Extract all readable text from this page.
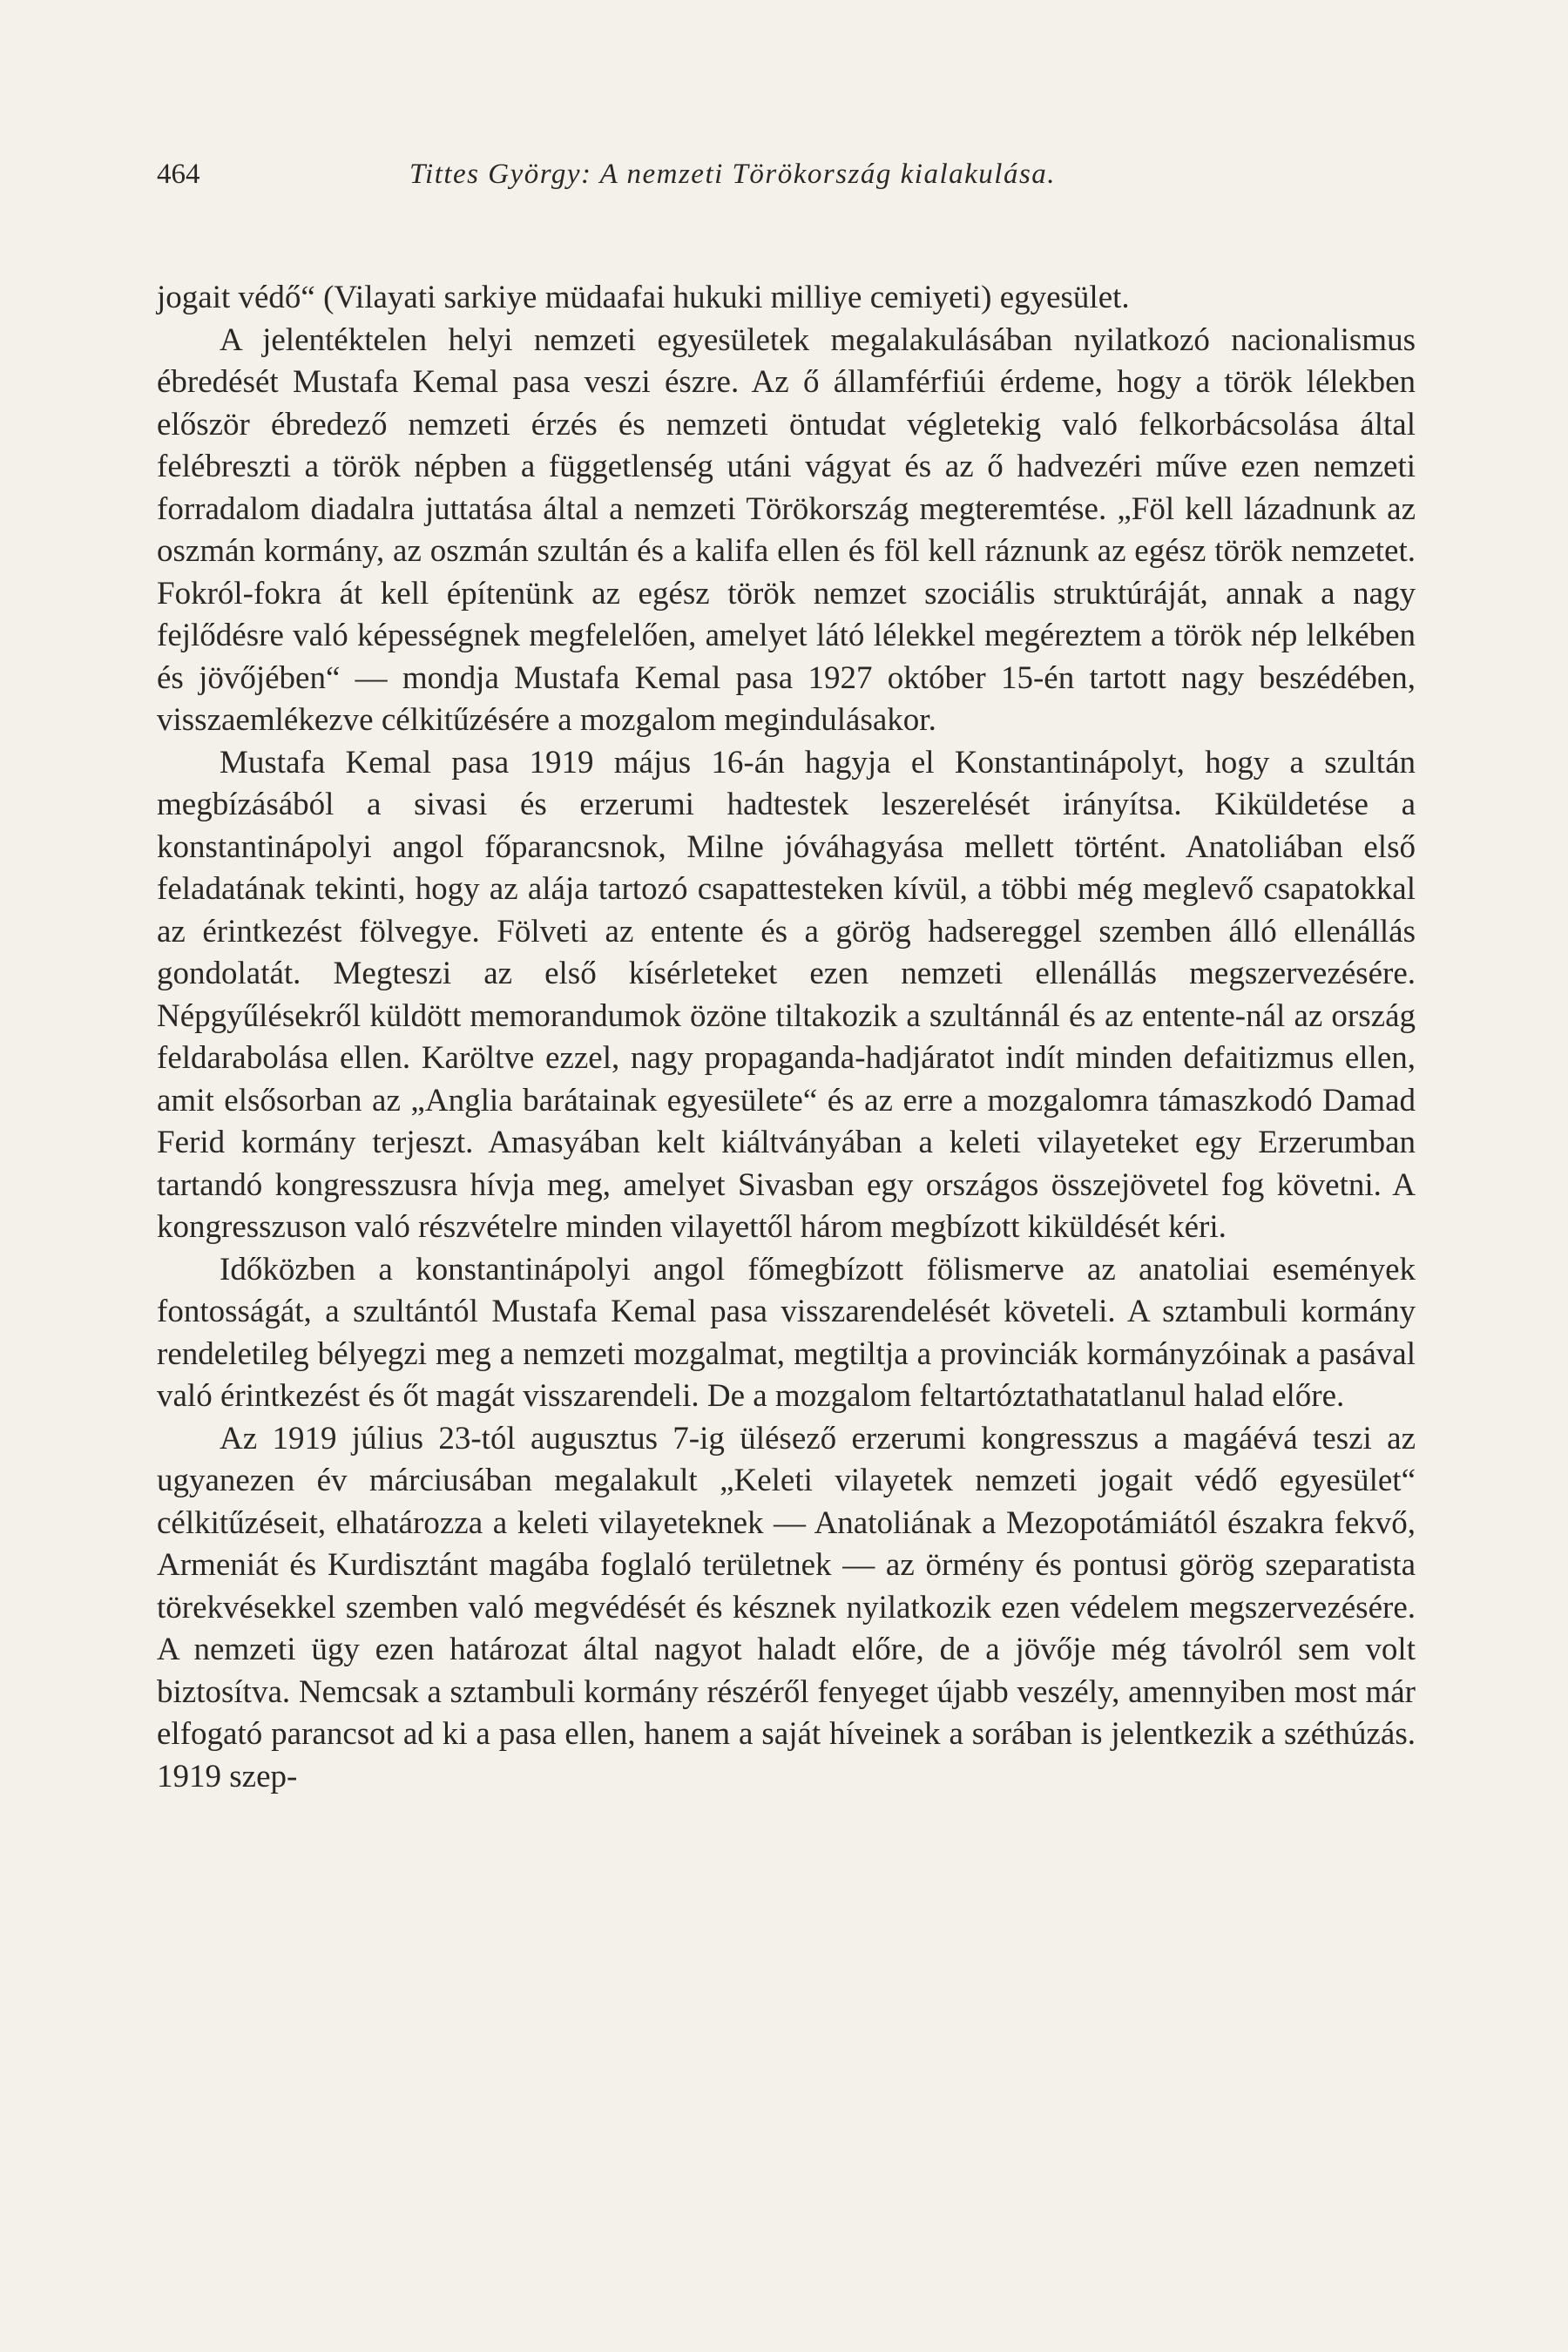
464	Tittes György: A nemzeti Törökország kialakulása.

jogait védő“ (Vilayati sarkiye müdaafai hukuki milliye cemiyeti) egyesület.

A jelentéktelen helyi nemzeti egyesületek megalakulásában nyilatkozó nacionalismus ébredését Mustafa Kemal pasa veszi észre. Az ő államférfiúi érdeme, hogy a török lélekben először ébredező nemzeti érzés és nemzeti öntudat végletekig való felkorbácsolása által felébreszti a török népben a függetlenség utáni vágyat és az ő hadvezéri műve ezen nemzeti forradalom diadalra juttatása által a nemzeti Törökország megteremtése. „Föl kell lázadnunk az oszmán kormány, az oszmán szultán és a kalifa ellen és föl kell ráznunk az egész török nemzetet. Fokról-fokra át kell építenünk az egész török nemzet szociális struktúráját, annak a nagy fejlődésre való képességnek megfelelően, amelyet látó lélekkel megéreztem a török nép lelkében és jövőjében“ — mondja Mustafa Kemal pasa 1927 október 15-én tartott nagy beszédében, visszaemlékezve célkitűzésére a mozgalom megindulásakor.

Mustafa Kemal pasa 1919 május 16-án hagyja el Konstantinápolyt, hogy a szultán megbízásából a sivasi és erzerumi hadtestek leszerelését irányítsa. Kiküldetése a konstantinápolyi angol főparancsnok, Milne jóváhagyása mellett történt. Anatoliában első feladatának tekinti, hogy az alája tartozó csapattesteken kívül, a többi még meglevő csapatokkal az érintkezést fölvegye. Fölveti az entente és a görög hadsereggel szemben álló ellenállás gondolatát. Megteszi az első kísérleteket ezen nemzeti ellenállás megszervezésére. Népgyűlésekről küldött memorandumok özöne tiltakozik a szultánnál és az entente-nál az ország feldarabolása ellen. Karöltve ezzel, nagy propaganda-hadjáratot indít minden defaitizmus ellen, amit elsősorban az „Anglia barátainak egyesülete“ és az erre a mozgalomra támaszkodó Damad Ferid kormány terjeszt. Amasyában kelt kiáltványában a keleti vilayeteket egy Erzerumban tartandó kongresszusra hívja meg, amelyet Sivasban egy országos összejövetel fog követni. A kongresszuson való részvételre minden vilayettől három megbízott kiküldését kéri.

Időközben a konstantinápolyi angol főmegbízott fölismerve az anatoliai események fontosságát, a szultántól Mustafa Kemal pasa visszarendelését követeli. A sztambuli kormány rendeletileg bélyegzi meg a nemzeti mozgalmat, megtiltja a provinciák kormányzóinak a pasával való érintkezést és őt magát visszarendeli. De a mozgalom feltartóztathatatlanul halad előre.

Az 1919 július 23-tól augusztus 7-ig ülésező erzerumi kongresszus a magáévá teszi az ugyanezen év márciusában megalakult „Keleti vilayetek nemzeti jogait védő egyesület“ célkitűzéseit, elhatározza a keleti vilayeteknek — Anatoliának a Mezopotámiától északra fekvő, Armeniát és Kurdisztánt magába foglaló területnek — az örmény és pontusi görög szeparatista törekvésekkel szemben való megvédését és késznek nyilatkozik ezen védelem megszervezésére. A nemzeti ügy ezen határozat által nagyot haladt előre, de a jövője még távolról sem volt biztosítva. Nemcsak a sztambuli kormány részéről fenyeget újabb veszély, amennyiben most már elfogató parancsot ad ki a pasa ellen, hanem a saját híveinek a sorában is jelentkezik a széthúzás. 1919 szep-
